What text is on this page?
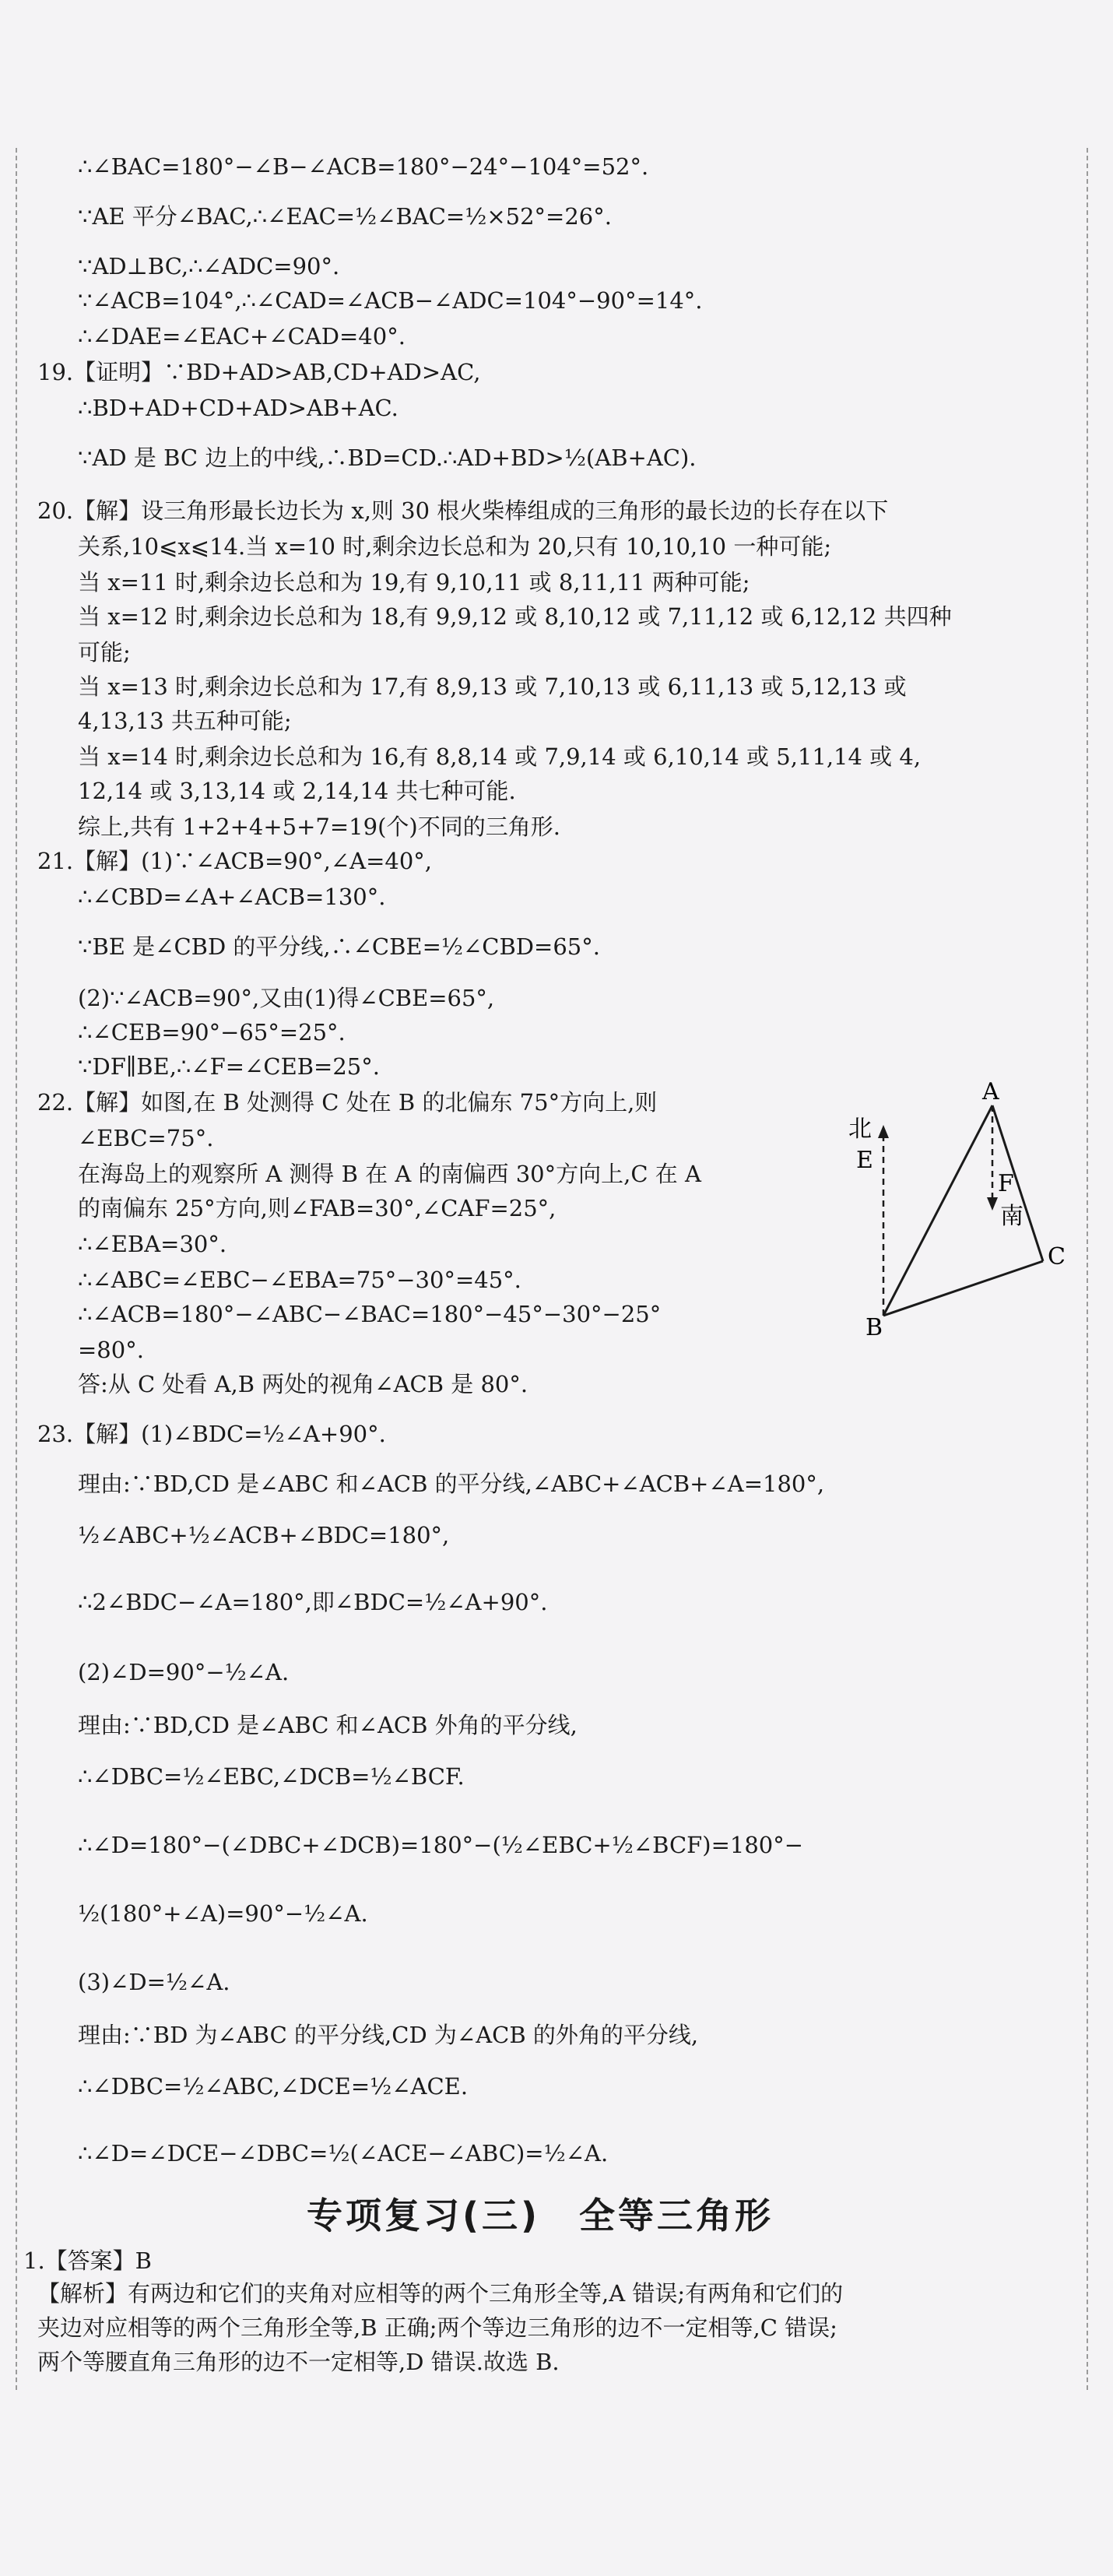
∴∠BAC=180°−∠B−∠ACB=180°−24°−104°=52°.
∵AE 平分∠BAC,∴∠EAC=½∠BAC=½×52°=26°.
∵AD⊥BC,∴∠ADC=90°.
∵∠ACB=104°,∴∠CAD=∠ACB−∠ADC=104°−90°=14°.
∴∠DAE=∠EAC+∠CAD=40°.
19.【证明】∵BD+AD>AB,CD+AD>AC,
∴BD+AD+CD+AD>AB+AC.
∵AD 是 BC 边上的中线,∴BD=CD.∴AD+BD>½(AB+AC).
20.【解】设三角形最长边长为 x,则 30 根火柴棒组成的三角形的最长边的长存在以下
关系,10⩽x⩽14.当 x=10 时,剩余边长总和为 20,只有 10,10,10 一种可能;
当 x=11 时,剩余边长总和为 19,有 9,10,11 或 8,11,11 两种可能;
当 x=12 时,剩余边长总和为 18,有 9,9,12 或 8,10,12 或 7,11,12 或 6,12,12 共四种
可能;
当 x=13 时,剩余边长总和为 17,有 8,9,13 或 7,10,13 或 6,11,13 或 5,12,13 或
4,13,13 共五种可能;
当 x=14 时,剩余边长总和为 16,有 8,8,14 或 7,9,14 或 6,10,14 或 5,11,14 或 4,
12,14 或 3,13,14 或 2,14,14 共七种可能.
综上,共有 1+2+4+5+7=19(个)不同的三角形.
21.【解】(1)∵∠ACB=90°,∠A=40°,
∴∠CBD=∠A+∠ACB=130°.
∵BE 是∠CBD 的平分线,∴∠CBE=½∠CBD=65°.
(2)∵∠ACB=90°,又由(1)得∠CBE=65°,
∴∠CEB=90°−65°=25°.
∵DF∥BE,∴∠F=∠CEB=25°.
22.【解】如图,在 B 处测得 C 处在 B 的北偏东 75°方向上,则
∠EBC=75°.
在海岛上的观察所 A 测得 B 在 A 的南偏西 30°方向上,C 在 A
的南偏东 25°方向,则∠FAB=30°,∠CAF=25°,
∴∠EBA=30°.
∴∠ABC=∠EBC−∠EBA=75°−30°=45°.
∴∠ACB=180°−∠ABC−∠BAC=180°−45°−30°−25°
=80°.
答:从 C 处看 A,B 两处的视角∠ACB 是 80°.
A
B
C
E
F
北
南
23.【解】(1)∠BDC=½∠A+90°.
理由:∵BD,CD 是∠ABC 和∠ACB 的平分线,∠ABC+∠ACB+∠A=180°,
½∠ABC+½∠ACB+∠BDC=180°,
∴2∠BDC−∠A=180°,即∠BDC=½∠A+90°.
(2)∠D=90°−½∠A.
理由:∵BD,CD 是∠ABC 和∠ACB 外角的平分线,
∴∠DBC=½∠EBC,∠DCB=½∠BCF.
∴∠D=180°−(∠DBC+∠DCB)=180°−(½∠EBC+½∠BCF)=180°−
½(180°+∠A)=90°−½∠A.
(3)∠D=½∠A.
理由:∵BD 为∠ABC 的平分线,CD 为∠ACB 的外角的平分线,
∴∠DBC=½∠ABC,∠DCE=½∠ACE.
∴∠D=∠DCE−∠DBC=½(∠ACE−∠ABC)=½∠A.
专项复习(三)　全等三角形
1.【答案】B
【解析】有两边和它们的夹角对应相等的两个三角形全等,A 错误;有两角和它们的
夹边对应相等的两个三角形全等,B 正确;两个等边三角形的边不一定相等,C 错误;
两个等腰直角三角形的边不一定相等,D 错误.故选 B.
